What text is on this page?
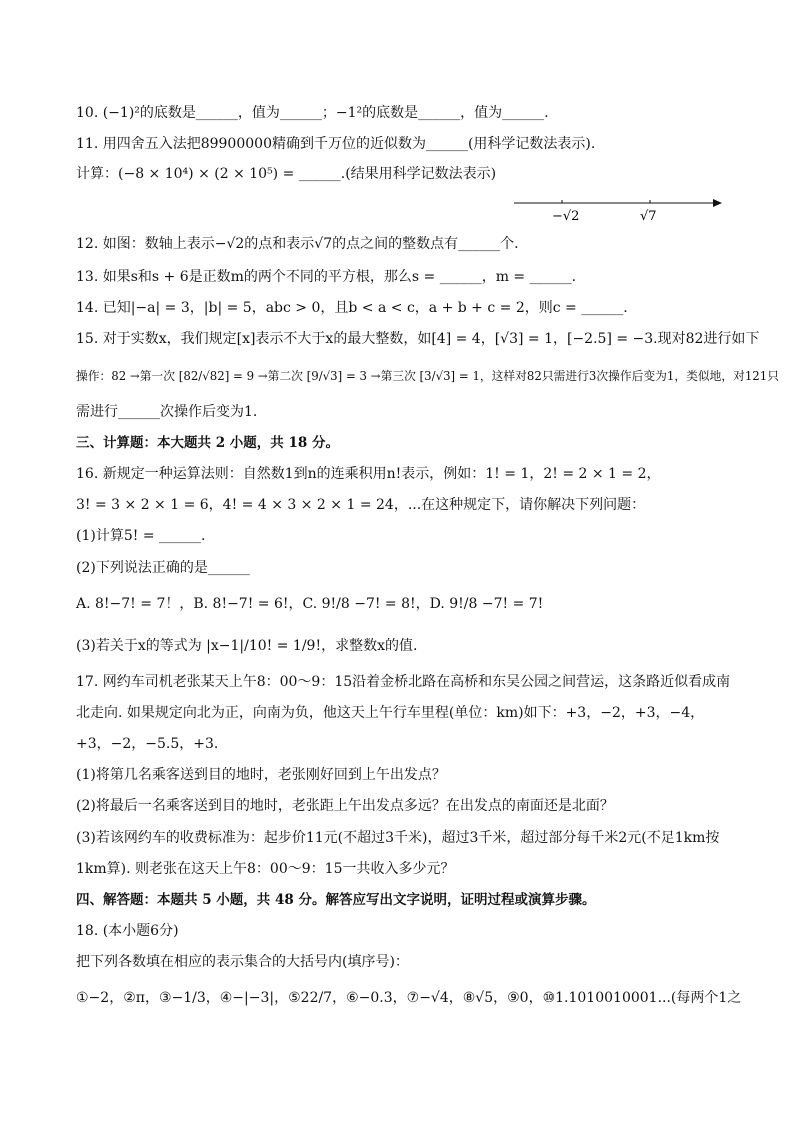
10. (−1)²的底数是______，值为______；−1²的底数是______，值为______.
11. 用四舍五入法把89900000精确到千万位的近似数为______(用科学记数法表示).
计算：(−8 × 10⁴) × (2 × 10⁵) = ______.(结果用科学记数法表示)
−√2	√7
12. 如图：数轴上表示−√2的点和表示√7的点之间的整数点有______个.
13. 如果s和s + 6是正数m的两个不同的平方根，那么s = ______，m = ______.
14. 已知|−a| = 3，|b| = 5，abc > 0，且b < a < c，a + b + c = 2，则c = ______.
15. 对于实数x，我们规定[x]表示不大于x的最大整数，如[4] = 4，[√3] = 1，[−2.5] = −3.现对82进行如下
操作：82 →第一次 [82/√82] = 9 →第二次 [9/√3] = 3 →第三次 [3/√3] = 1，这样对82只需进行3次操作后变为1，类似地，对121只
需进行______次操作后变为1.
三、计算题：本大题共 2 小题，共 18 分。
16. 新规定一种运算法则：自然数1到n的连乘积用n!表示，例如：1! = 1，2! = 2 × 1 = 2，
3! = 3 × 2 × 1 = 6，4! = 4 × 3 × 2 × 1 = 24，...在这种规定下，请你解决下列问题：
(1)计算5! = ______.
(2)下列说法正确的是______
A. 8!−7! = 7！，B. 8!−7! = 6!，C. 9!/8 −7! = 8!，D. 9!/8 −7! = 7!
(3)若关于x的等式为 |x−1|/10! = 1/9!，求整数x的值.
17. 网约车司机老张某天上午8：00～9：15沿着金桥北路在高桥和东吴公园之间营运，这条路近似看成南
北走向. 如果规定向北为正，向南为负，他这天上午行车里程(单位：km)如下：+3，−2，+3，−4，
+3，−2，−5.5，+3.
(1)将第几名乘客送到目的地时，老张刚好回到上午出发点？
(2)将最后一名乘客送到目的地时，老张距上午出发点多远？在出发点的南面还是北面？
(3)若该网约车的收费标准为：起步价11元(不超过3千米)，超过3千米，超过部分每千米2元(不足1km按
1km算). 则老张在这天上午8：00～9：15一共收入多少元？
四、解答题：本题共 5 小题，共 48 分。解答应写出文字说明，证明过程或演算步骤。
18. (本小题6分)
把下列各数填在相应的表示集合的大括号内(填序号)：
①−2，②π，③−1/3，④−|−3|，⑤22/7，⑥−0.3，⑦−√4，⑧√5，⑨0，⑩1.1010010001...(每两个1之
